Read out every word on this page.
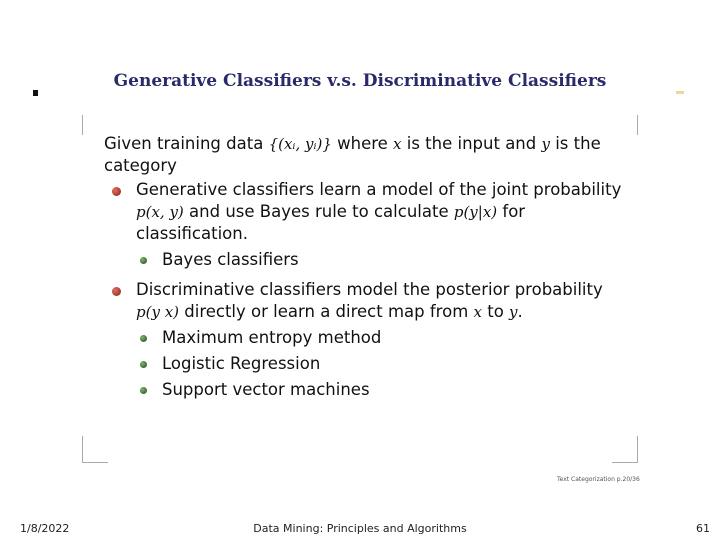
Generative Classifiers v.s. Discriminative Classifiers
Given training data {(xᵢ, yᵢ)} where x is the input and y is the category
Generative classifiers learn a model of the joint probability p(x, y) and use Bayes rule to calculate p(y|x) for classification.
Bayes classifiers
Discriminative classifiers model the posterior probability p(y x) directly or learn a direct map from x to y.
Maximum entropy method
Logistic Regression
Support vector machines
Text Categorization p.20/36
1/8/2022	Data Mining: Principles and Algorithms	61
